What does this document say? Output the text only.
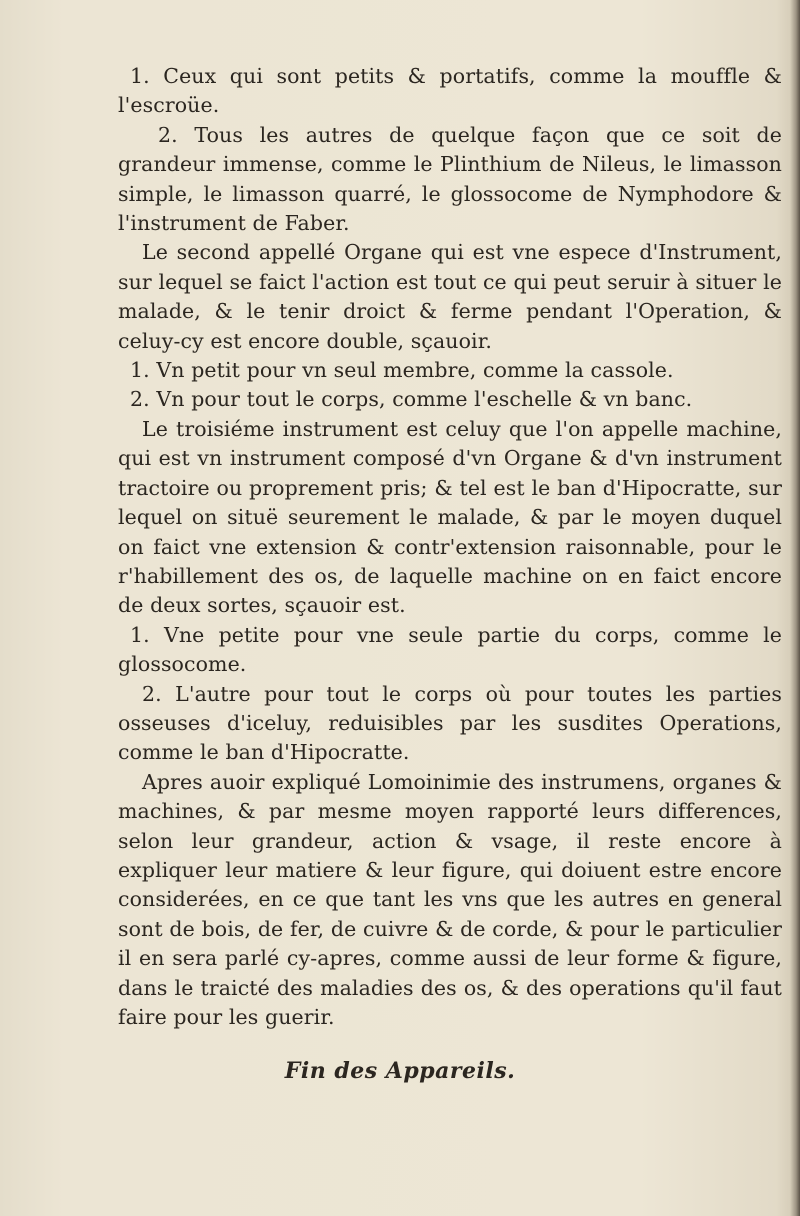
1. Ceux qui sont petits & portatifs, comme la mouffle & l'escroüe.

2. Tous les autres de quelque façon que ce soit de grandeur immense, comme le Plinthium de Nileus, le limasson simple, le limasson quarré, le glossocome de Nymphodore & l'instrument de Faber.

Le second appellé Organe qui est vne espece d'Instrument, sur lequel se faict l'action est tout ce qui peut seruir à situer le malade, & le tenir droict & ferme pendant l'Operation, & celuy-cy est encore double, sçauoir.

1. Vn petit pour vn seul membre, comme la cassole.

2. Vn pour tout le corps, comme l'eschelle & vn banc.

Le troisiéme instrument est celuy que l'on appelle machine, qui est vn instrument composé d'vn Organe & d'vn instrument tractoire ou proprement pris; & tel est le ban d'Hipocratte, sur lequel on situë seurement le malade, & par le moyen duquel on faict vne extension & contr'extension raisonnable, pour le r'habillement des os, de laquelle machine on en faict encore de deux sortes, sçauoir est.

1. Vne petite pour vne seule partie du corps, comme le glossocome.

2. L'autre pour tout le corps où pour toutes les parties osseuses d'iceluy, reduisibles par les susdites Operations, comme le ban d'Hipocratte.

Apres auoir expliqué Lomoinimie des instrumens, organes & machines, & par mesme moyen rapporté leurs differences, selon leur grandeur, action & vsage, il reste encore à expliquer leur matiere & leur figure, qui doiuent estre encore considerées, en ce que tant les vns que les autres en general sont de bois, de fer, de cuivre & de corde, & pour le particulier il en sera parlé cy-apres, comme aussi de leur forme & figure, dans le traicté des maladies des os, & des operations qu'il faut faire pour les guerir.

Fin des Appareils.
